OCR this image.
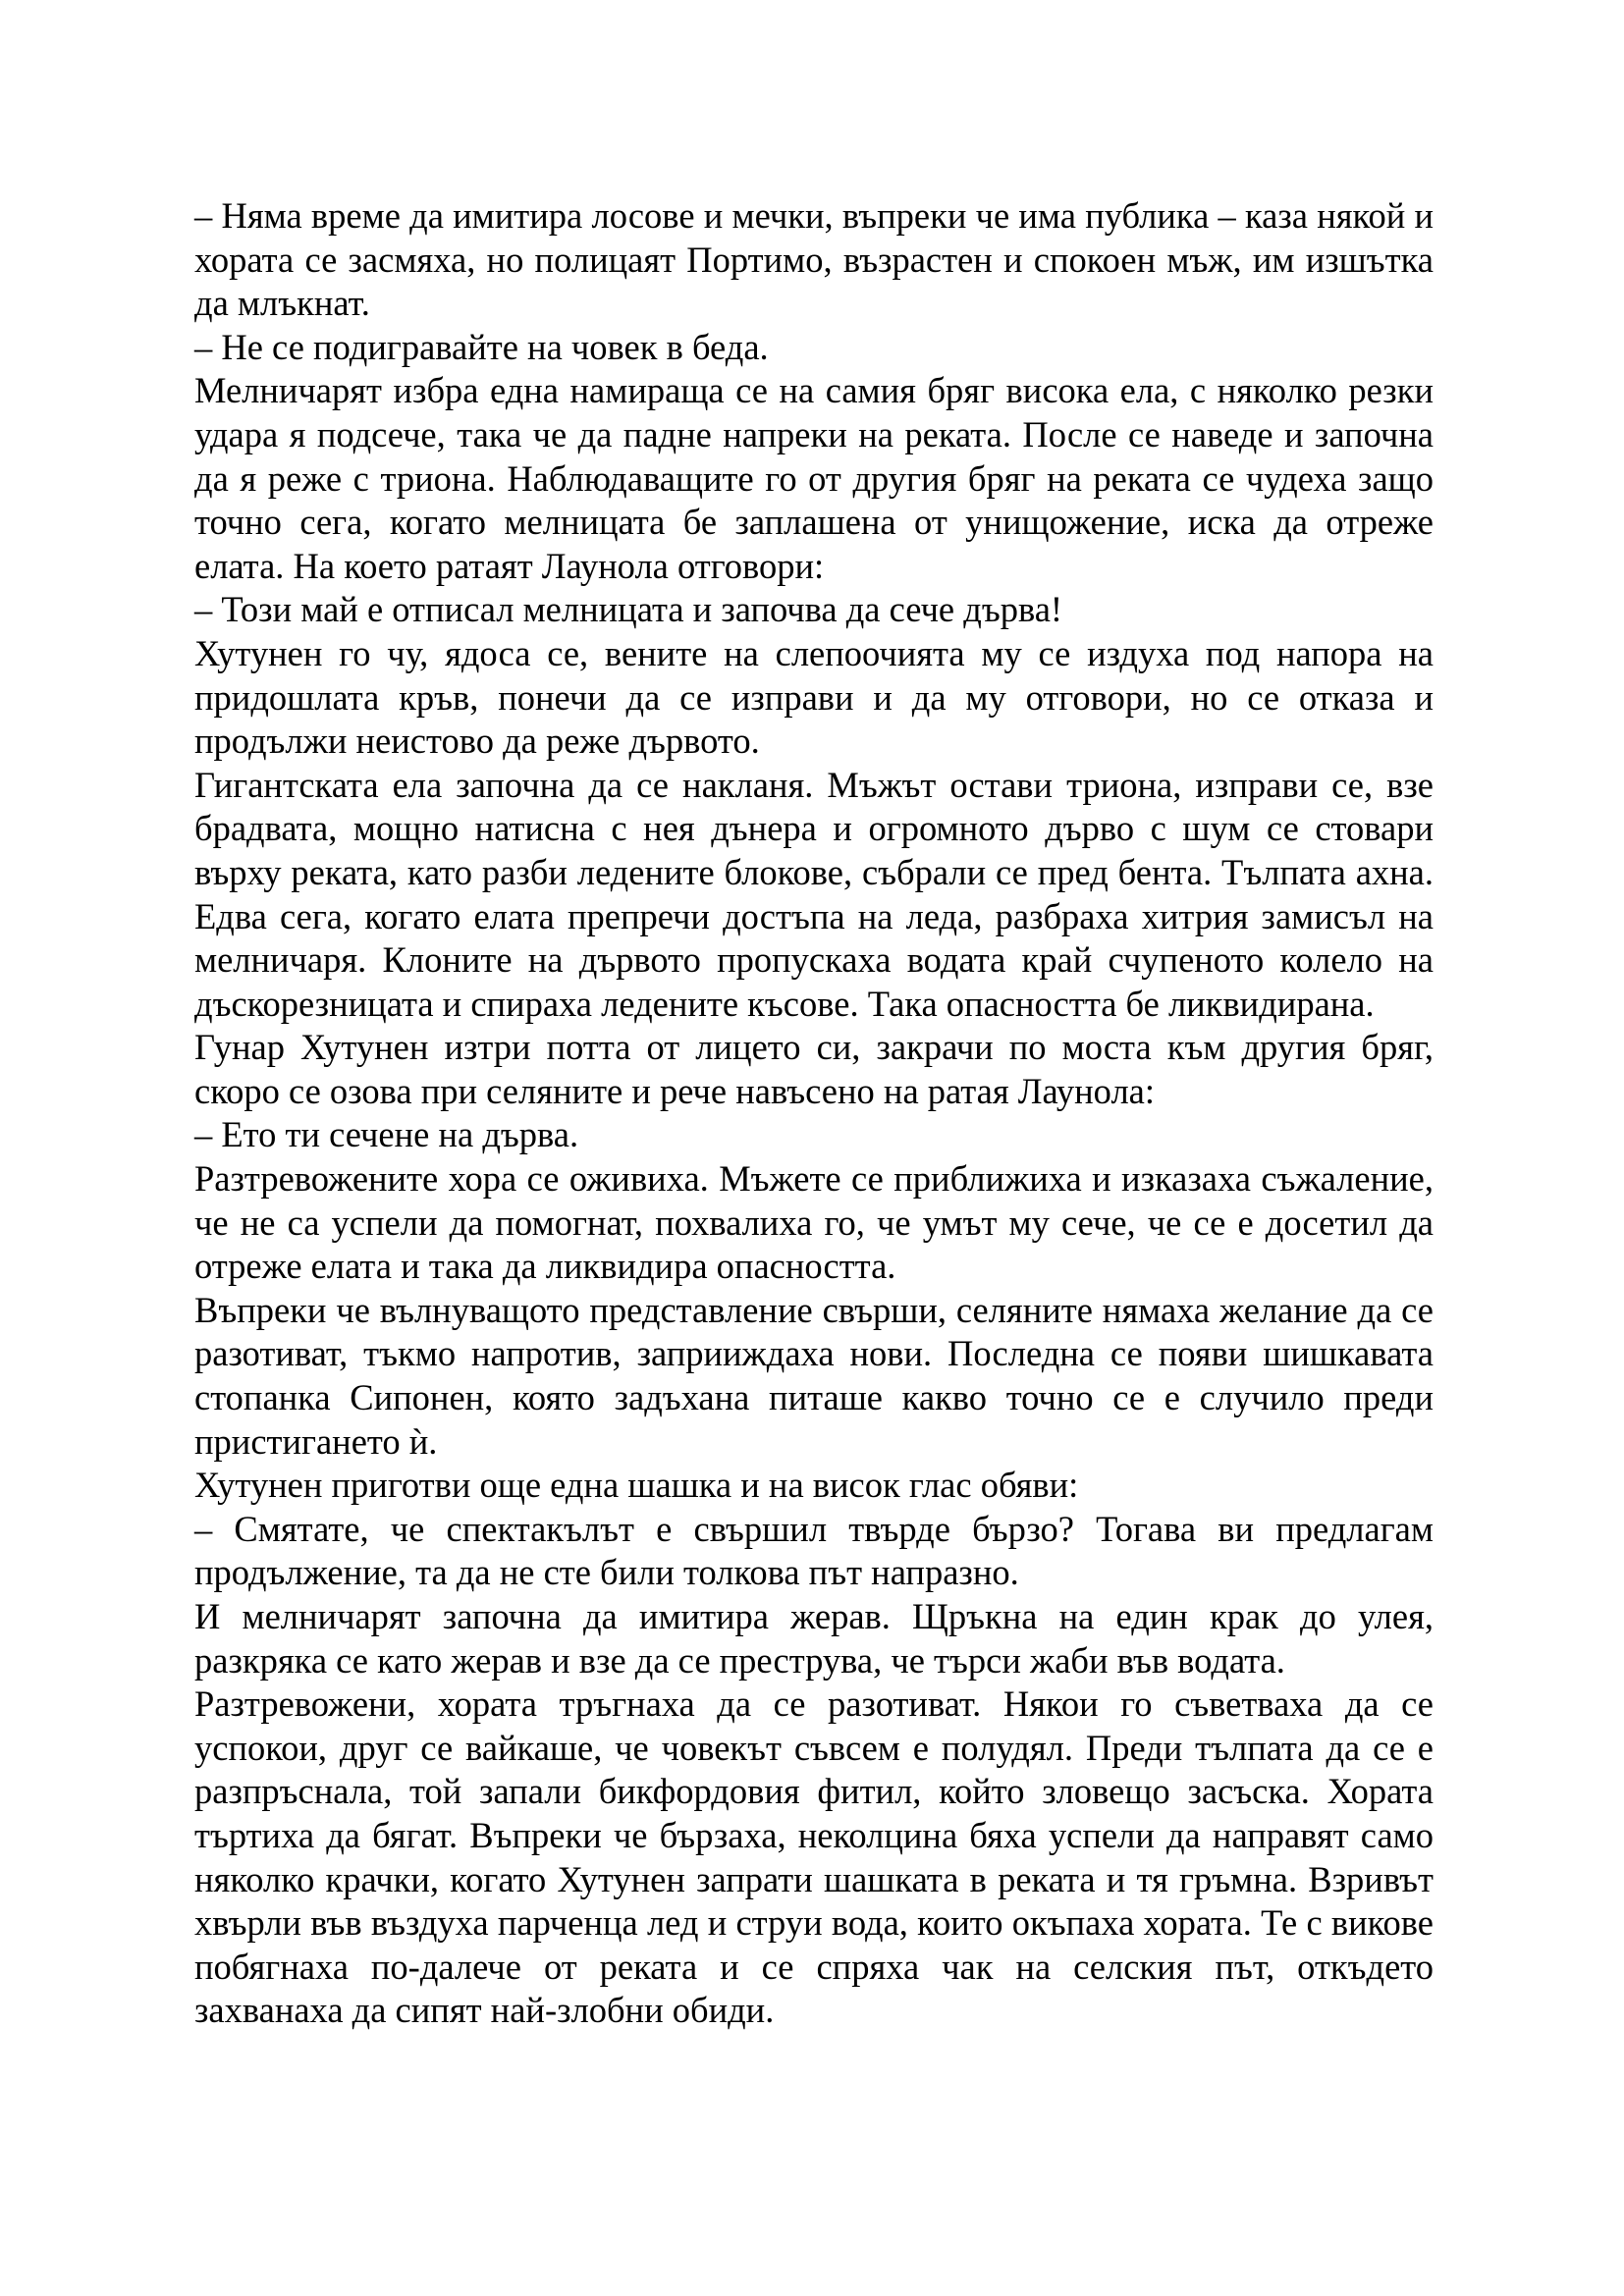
– Няма време да имитира лосове и мечки, въпреки че има публика – каза някой и хората се засмяха, но полицаят Портимо, възрастен и спокоен мъж, им изшътка да млъкнат.

– Не се подигравайте на човек в беда.

Мелничарят избра една намираща се на самия бряг висока ела, с няколко резки удара я подсече, така че да падне напреки на реката. После се наведе и започна да я реже с триона. Наблюдаващите го от другия бряг на реката се чудеха защо точно сега, когато мелницата бе заплашена от унищожение, иска да отреже елата. На което ратаят Лаунола отговори:

– Този май е отписал мелницата и започва да сече дърва!

Хутунен го чу, ядоса се, вените на слепоочията му се издуха под напора на придошлата кръв, понечи да се изправи и да му отговори, но се отказа и продължи неистово да реже дървото.

Гигантската ела започна да се накланя. Мъжът остави триона, изправи се, взе брадвата, мощно натисна с нея дънера и огромното дърво с шум се стовари върху реката, като разби ледените блокове, събрали се пред бента. Тълпата ахна. Едва сега, когато елата препречи достъпа на леда, разбраха хитрия замисъл на мелничаря. Клоните на дървото пропускаха водата край счупеното колело на дъскорезницата и спираха ледените късове. Така опасността бе ликвидирана.

Гунар Хутунен изтри потта от лицето си, закрачи по моста към другия бряг, скоро се озова при селяните и рече навъсено на ратая Лаунола:

– Ето ти сечене на дърва.

Разтревожените хора се оживиха. Мъжете се приближиха и изказаха съжаление, че не са успели да помогнат, похвалиха го, че умът му сече, че се е досетил да отреже елата и така да ликвидира опасността.

Въпреки че вълнуващото представление свърши, селяните нямаха желание да се разотиват, тъкмо напротив, заприиждаха нови. Последна се появи шишкавата стопанка Сипонен, която задъхана питаше какво точно се е случило преди пристигането ѝ.

Хутунен приготви още една шашка и на висок глас обяви:

– Смятате, че спектакълът е свършил твърде бързо? Тогава ви предлагам продължение, та да не сте били толкова път напразно.

И мелничарят започна да имитира жерав. Щръкна на един крак до улея, разкряка се като жерав и взе да се преструва, че търси жаби във водата.

Разтревожени, хората тръгнаха да се разотиват. Някои го съветваха да се успокои, друг се вайкаше, че човекът съвсем е полудял. Преди тълпата да се е разпръснала, той запали бикфордовия фитил, който зловещо засъска. Хората търтиха да бягат. Въпреки че бързаха, неколцина бяха успели да направят само няколко крачки, когато Хутунен запрати шашката в реката и тя гръмна. Взривът хвърли във въздуха парченца лед и струи вода, които окъпаха хората. Те с викове побягнаха по-далече от реката и се спряха чак на селския път, откъдето захванаха да сипят най-злобни обиди.
